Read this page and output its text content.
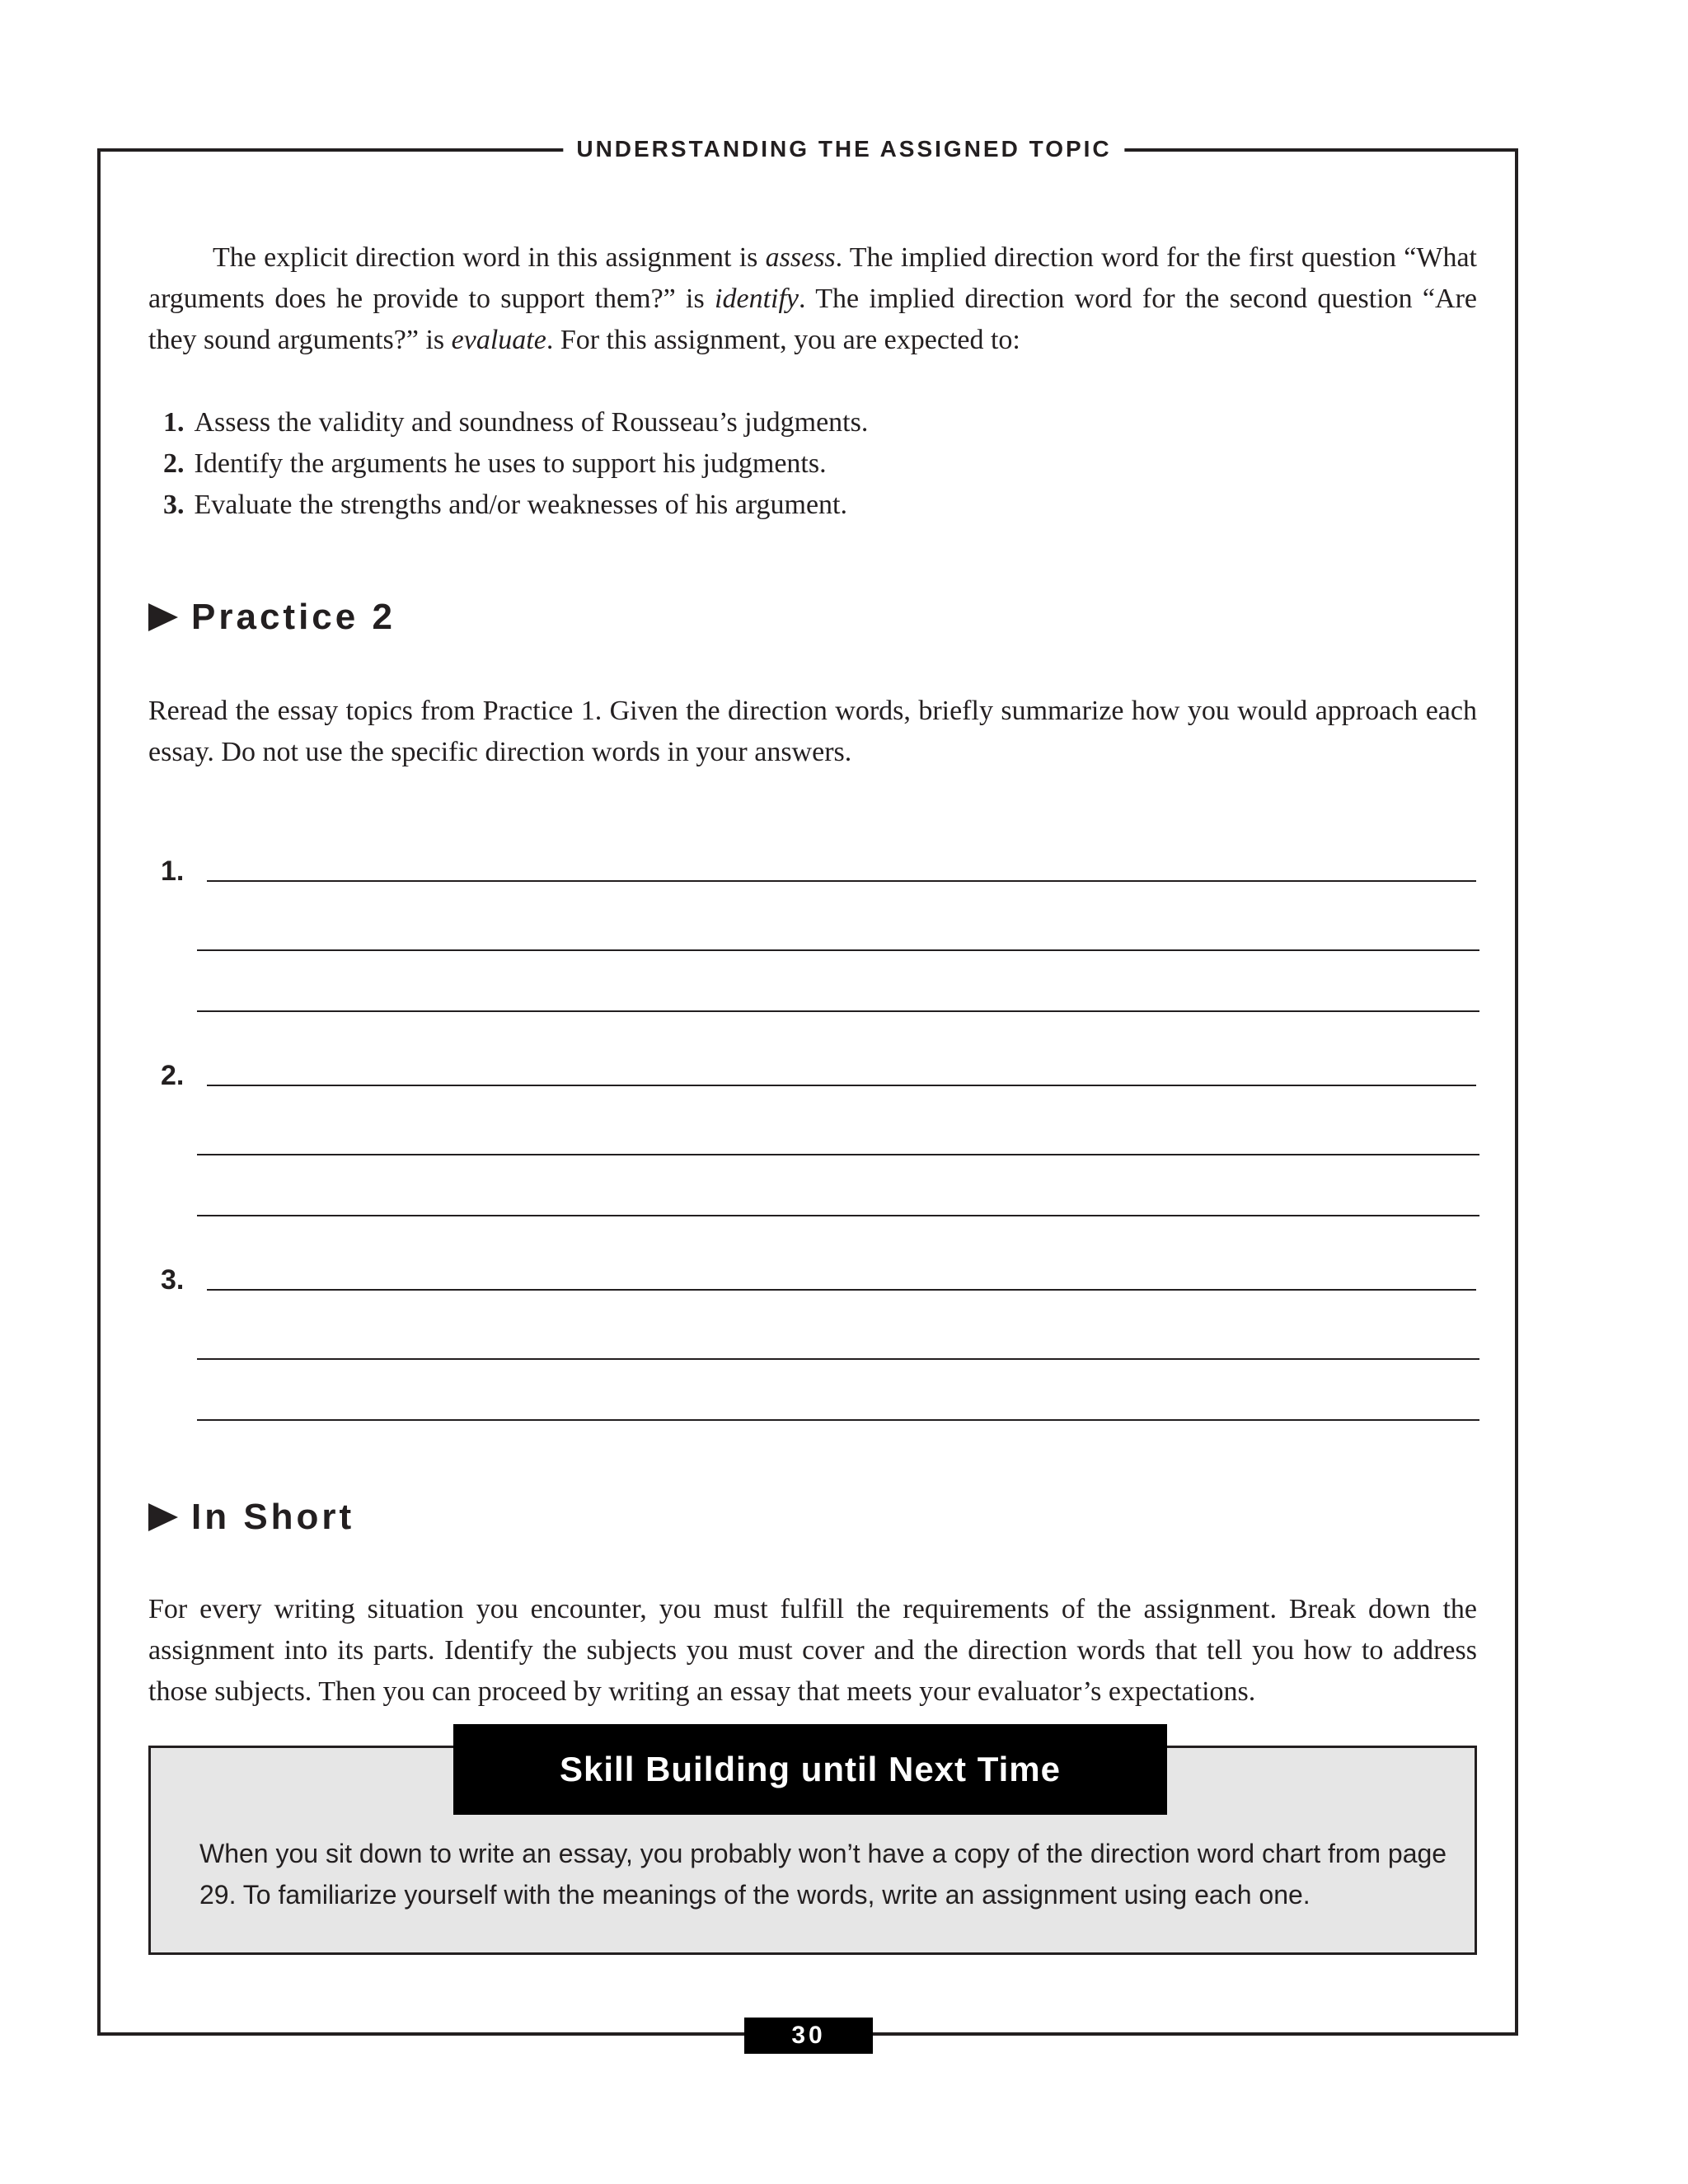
UNDERSTANDING THE ASSIGNED TOPIC
The explicit direction word in this assignment is assess. The implied direction word for the first question “What arguments does he provide to support them?” is identify. The implied direction word for the second question “Are they sound arguments?” is evaluate. For this assignment, you are expected to:
1. Assess the validity and soundness of Rousseau’s judgments.
2. Identify the arguments he uses to support his judgments.
3. Evaluate the strengths and/or weaknesses of his argument.
Practice 2
Reread the essay topics from Practice 1. Given the direction words, briefly summarize how you would approach each essay. Do not use the specific direction words in your answers.
1.
2.
3.
In Short
For every writing situation you encounter, you must fulfill the requirements of the assignment. Break down the assignment into its parts. Identify the subjects you must cover and the direction words that tell you how to address those subjects. Then you can proceed by writing an essay that meets your evaluator’s expectations.
Skill Building until Next Time
When you sit down to write an essay, you probably won’t have a copy of the direction word chart from page 29. To familiarize yourself with the meanings of the words, write an assignment using each one.
30
